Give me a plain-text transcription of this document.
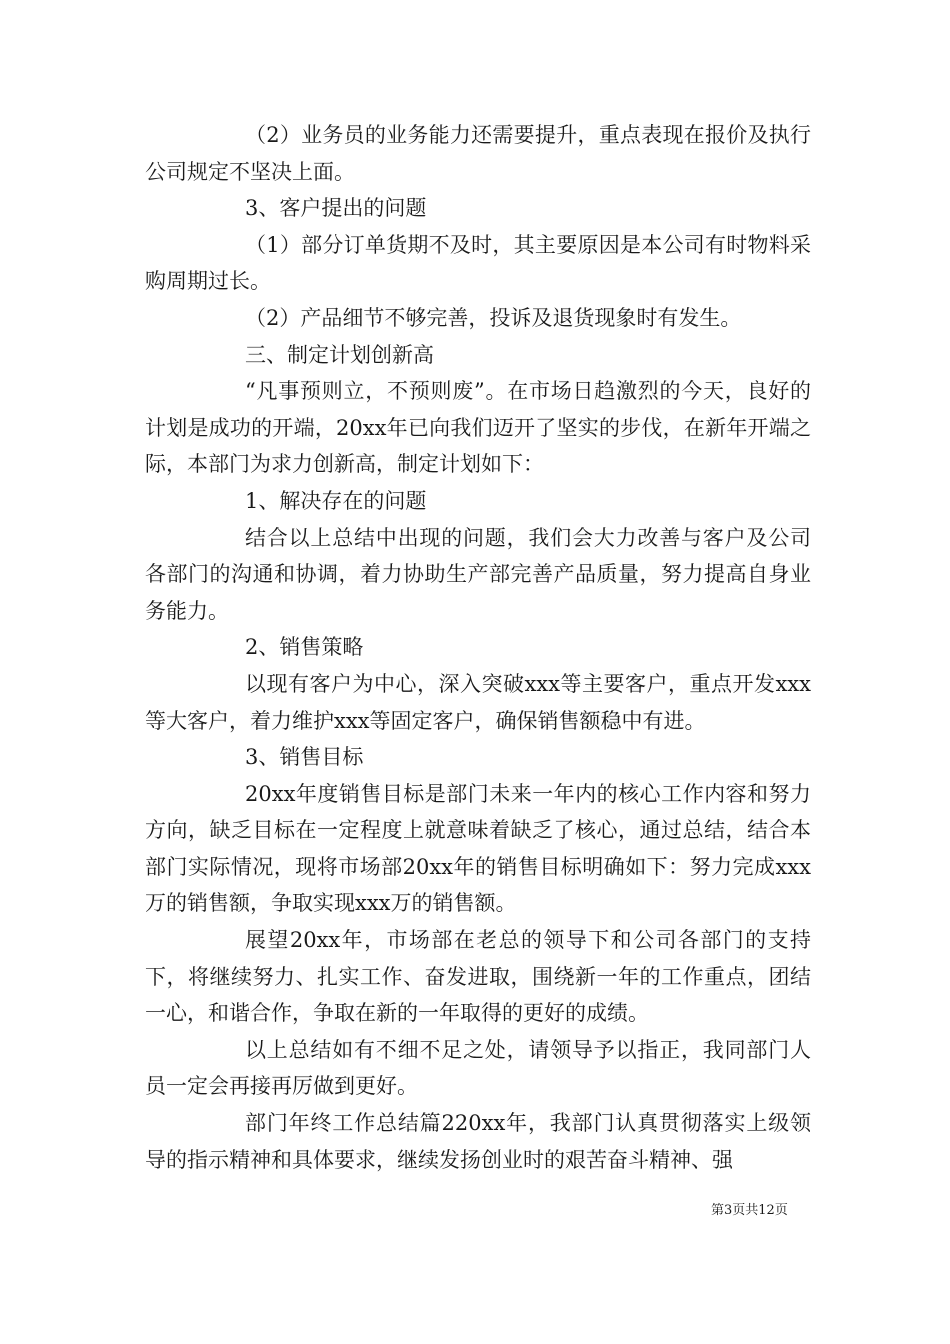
（2）业务员的业务能力还需要提升，重点表现在报价及执行公司规定不坚决上面。

3、客户提出的问题

（1）部分订单货期不及时，其主要原因是本公司有时物料采购周期过长。

（2）产品细节不够完善，投诉及退货现象时有发生。

三、制定计划创新高

“凡事预则立，不预则废”。在市场日趋激烈的今天，良好的计划是成功的开端，20xx年已向我们迈开了坚实的步伐，在新年开端之际，本部门为求力创新高，制定计划如下：

1、解决存在的问题

结合以上总结中出现的问题，我们会大力改善与客户及公司各部门的沟通和协调，着力协助生产部完善产品质量，努力提高自身业务能力。

2、销售策略

以现有客户为中心，深入突破xxx等主要客户，重点开发xxx等大客户，着力维护xxx等固定客户，确保销售额稳中有进。

3、销售目标

20xx年度销售目标是部门未来一年内的核心工作内容和努力方向，缺乏目标在一定程度上就意味着缺乏了核心，通过总结，结合本部门实际情况，现将市场部20xx年的销售目标明确如下：努力完成xxx万的销售额，争取实现xxx万的销售额。

展望20xx年，市场部在老总的领导下和公司各部门的支持下，将继续努力、扎实工作、奋发进取，围绕新一年的工作重点，团结一心，和谐合作，争取在新的一年取得的更好的成绩。

以上总结如有不细不足之处，请领导予以指正，我同部门人员一定会再接再厉做到更好。

部门年终工作总结篇220xx年，我部门认真贯彻落实上级领导的指示精神和具体要求，继续发扬创业时的艰苦奋斗精神、强

第3页共12页
